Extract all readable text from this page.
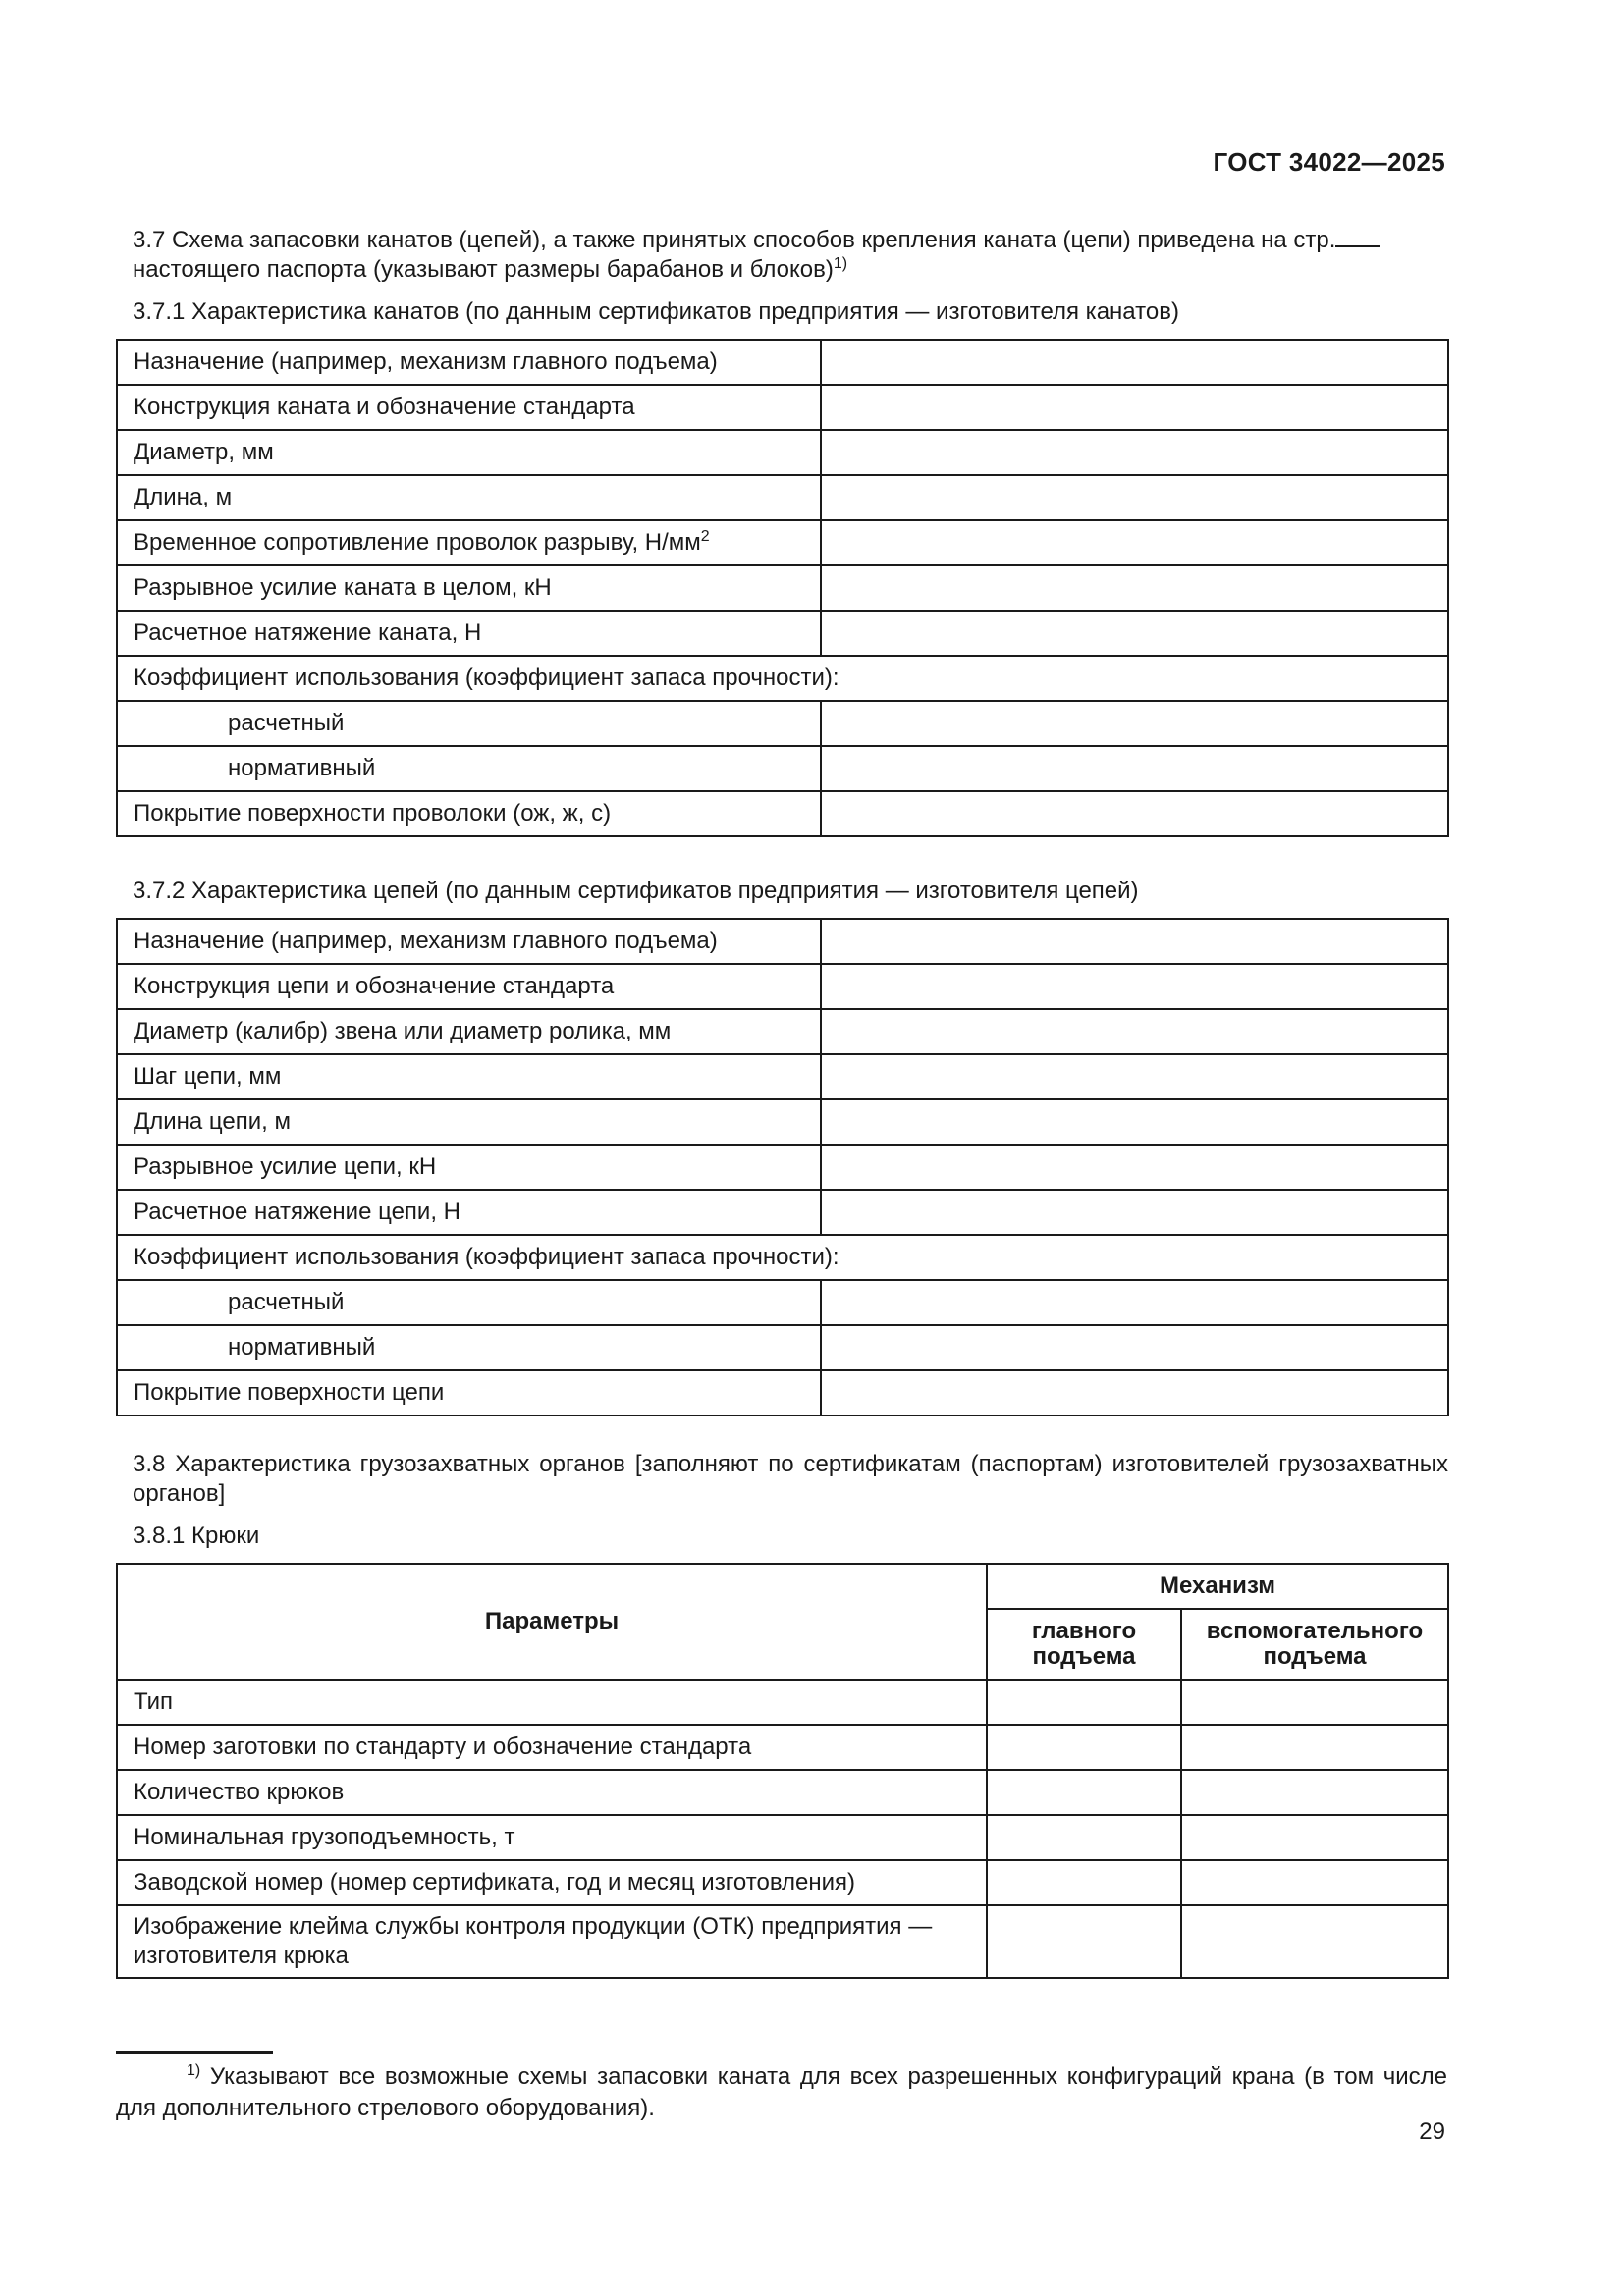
ГОСТ 34022—2025
3.7 Схема запасовки канатов (цепей), а также принятых способов крепления каната (цепи) приведена на стр.
настоящего паспорта (указывают размеры барабанов и блоков)$^{1)}$
3.7.1 Характеристика канатов (по данным сертификатов предприятия — изготовителя канатов)
Назначение (например, механизм главного подъема)	
Конструкция каната и обозначение стандарта	
Диаметр, мм	
Длина, м	
Временное сопротивление проволок разрыву, $Н/мм^2$	
Разрывное усилие каната в целом, кН	
Расчетное натяжение каната, Н	
Коэффициент использования (коэффициент запаса прочности):	
расчетный	
нормативный	
Покрытие поверхности проволоки (ож, ж, с)	
3.7.2 Характеристика цепей (по данным сертификатов предприятия — изготовителя цепей)
Назначение (например, механизм главного подъема)	
Конструкция цепи и обозначение стандарта	
Диаметр (калибр) звена или диаметр ролика, мм	
Шаг цепи, мм	
Длина цепи, м	
Разрывное усилие цепи, кН	
Расчетное натяжение цепи, Н	
Коэффициент использования (коэффициент запаса прочности):	
расчетный	
нормативный	
Покрытие поверхности цепи	
3.8 Характеристика грузозахватных органов [заполняют по сертификатам (паспортам) изготовителей грузозахватных органов]
3.8.1 Крюки
Параметры	Механизм	
	главного подъема	вспомогательного подъема
Тип		
Номер заготовки по стандарту и обозначение стандарта		
Количество крюков		
Номинальная грузоподъемность, т		
Заводской номер (номер сертификата, год и месяц изготовления)		
Изображение клейма службы контроля продукции (ОТК) предприятия — изготовителя крюка		
$^{1)}$ Указывают все возможные схемы запасовки каната для всех разрешенных конфигураций крана (в том числе для дополнительного стрелового оборудования).
29
